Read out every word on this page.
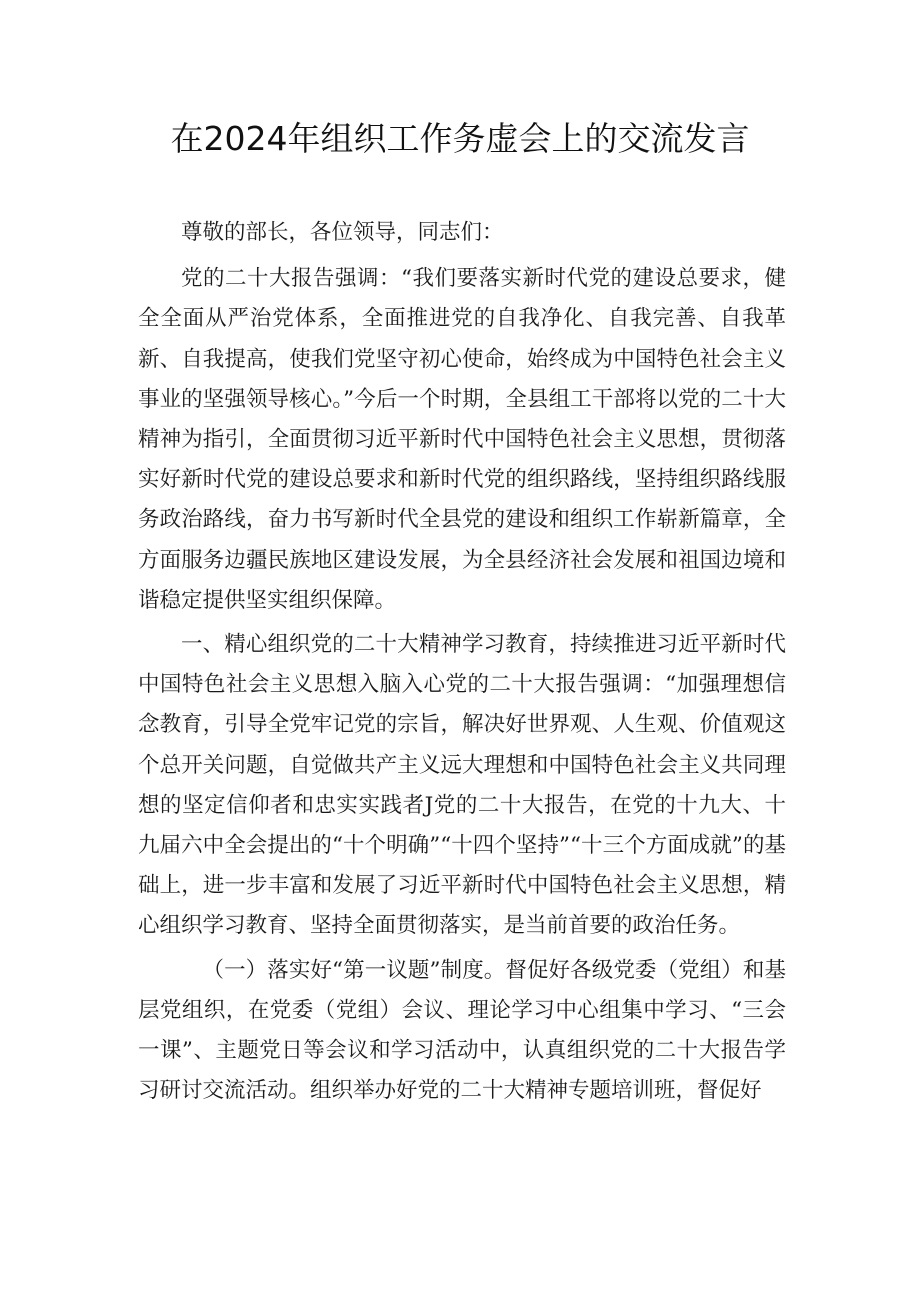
在2024年组织工作务虚会上的交流发言

尊敬的部长，各位领导，同志们：

党的二十大报告强调：“我们要落实新时代党的建设总要求，健全全面从严治党体系，全面推进党的自我净化、自我完善、自我革新、自我提高，使我们党坚守初心使命，始终成为中国特色社会主义事业的坚强领导核心。”今后一个时期，全县组工干部将以党的二十大精神为指引，全面贯彻习近平新时代中国特色社会主义思想，贯彻落实好新时代党的建设总要求和新时代党的组织路线，坚持组织路线服务政治路线，奋力书写新时代全县党的建设和组织工作崭新篇章，全方面服务边疆民族地区建设发展，为全县经济社会发展和祖国边境和谐稳定提供坚实组织保障。

一、精心组织党的二十大精神学习教育，持续推进习近平新时代中国特色社会主义思想入脑入心党的二十大报告强调：“加强理想信念教育，引导全党牢记党的宗旨，解决好世界观、人生观、价值观这个总开关问题，自觉做共产主义远大理想和中国特色社会主义共同理想的坚定信仰者和忠实实践者J党的二十大报告，在党的十九大、十九届六中全会提出的“十个明确”“十四个坚持”“十三个方面成就”的基础上，进一步丰富和发展了习近平新时代中国特色社会主义思想，精心组织学习教育、坚持全面贯彻落实，是当前首要的政治任务。

（一）落实好“第一议题”制度。督促好各级党委（党组）和基层党组织，在党委（党组）会议、理论学习中心组集中学习、“三会一课”、主题党日等会议和学习活动中，认真组织党的二十大报告学习研讨交流活动。组织举办好党的二十大精神专题培训班，督促好
